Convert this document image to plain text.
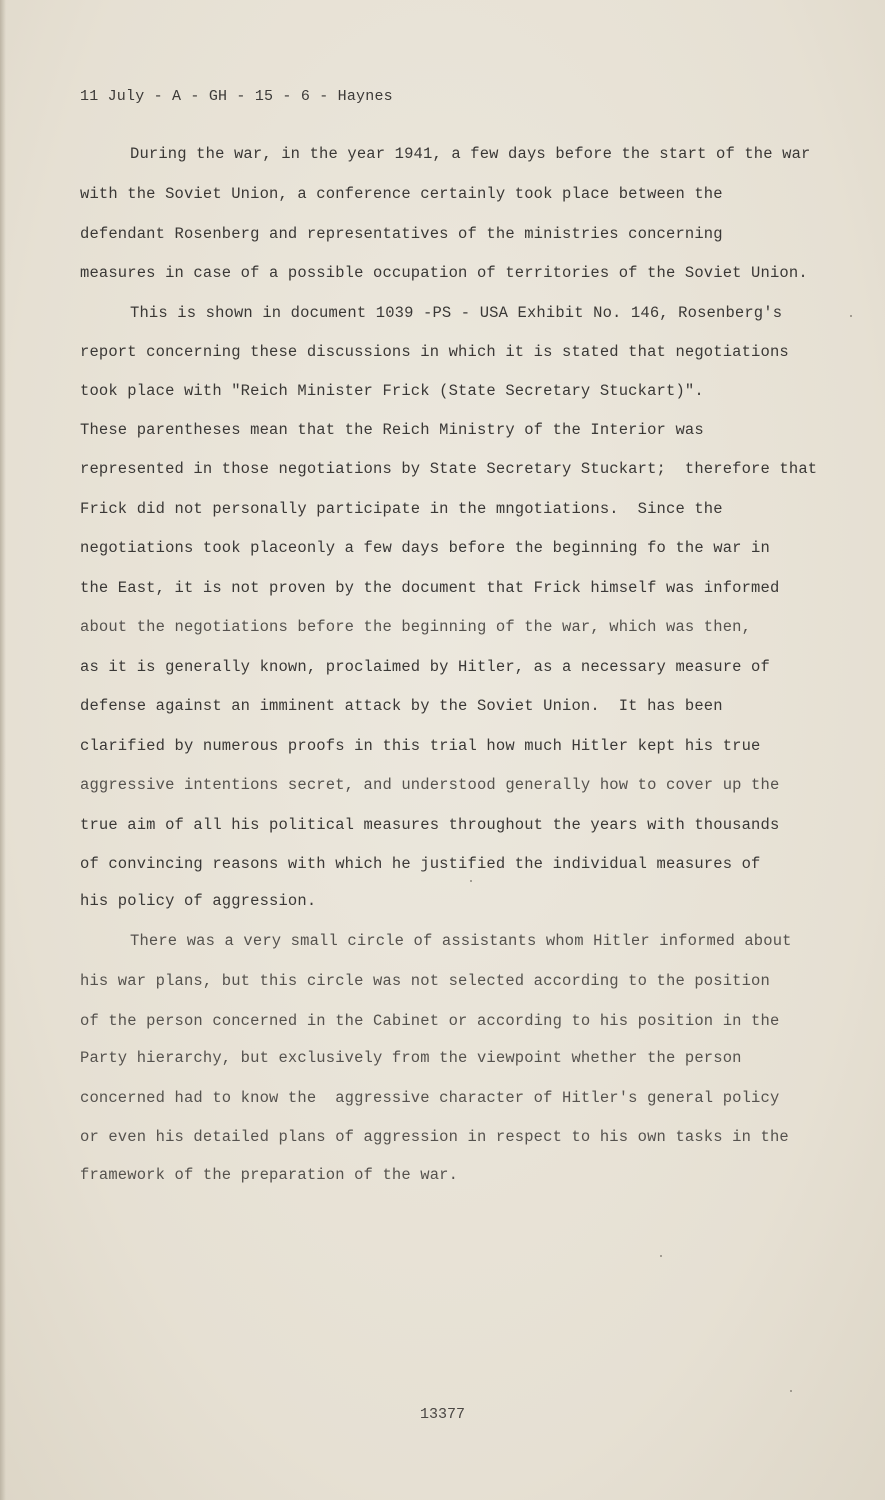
11 July - A - GH - 15 - 6 - Haynes
During the war, in the year 1941, a few days before the start of the war
with the Soviet Union, a conference certainly took place between the
defendant Rosenberg and representatives of the ministries concerning
measures in case of a possible occupation of territories of the Soviet Union.
This is shown in document 1039 -PS - USA Exhibit No. 146, Rosenberg's
report concerning these discussions in which it is stated that negotiations
took place with "Reich Minister Frick (State Secretary Stuckart)".
These parentheses mean that the Reich Ministry of the Interior was
represented in those negotiations by State Secretary Stuckart;  therefore that
Frick did not personally participate in the mngotiations.  Since the
negotiations took placeonly a few days before the beginning fo the war in
the East, it is not proven by the document that Frick himself was informed
about the negotiations before the beginning of the war, which was then,
as it is generally known, proclaimed by Hitler, as a necessary measure of
defense against an imminent attack by the Soviet Union.  It has been
clarified by numerous proofs in this trial how much Hitler kept his true
aggressive intentions secret, and understood generally how to cover up the
true aim of all his political measures throughout the years with thousands
of convincing reasons with which he justified the individual measures of
his policy of aggression.
There was a very small circle of assistants whom Hitler informed about
his war plans, but this circle was not selected according to the position
of the person concerned in the Cabinet or according to his position in the
Party hierarchy, but exclusively from the viewpoint whether the person
concerned had to know the  aggressive character of Hitler's general policy
or even his detailed plans of aggression in respect to his own tasks in the
framework of the preparation of the war.
13377
